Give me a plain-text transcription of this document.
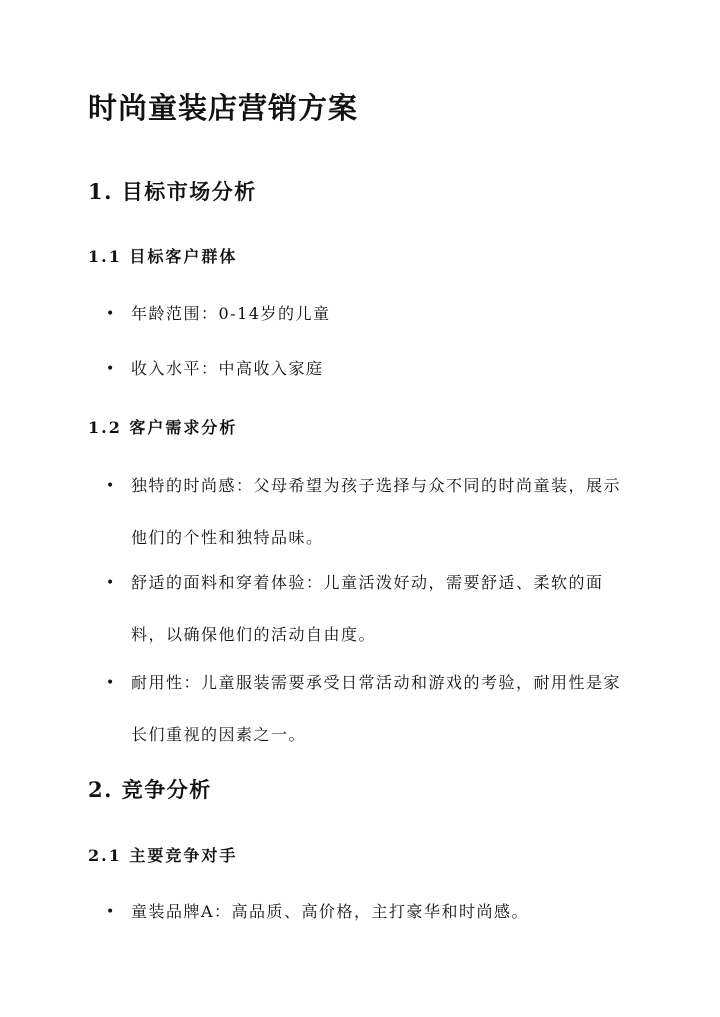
时尚童装店营销方案
1. 目标市场分析
1.1 目标客户群体
• 年龄范围：0-14岁的儿童
• 收入水平：中高收入家庭
1.2 客户需求分析
• 独特的时尚感：父母希望为孩子选择与众不同的时尚童装，展示他们的个性和独特品味。
• 舒适的面料和穿着体验：儿童活泼好动，需要舒适、柔软的面料，以确保他们的活动自由度。
• 耐用性：儿童服装需要承受日常活动和游戏的考验，耐用性是家长们重视的因素之一。
2. 竞争分析
2.1 主要竞争对手
• 童装品牌A：高品质、高价格，主打豪华和时尚感。
